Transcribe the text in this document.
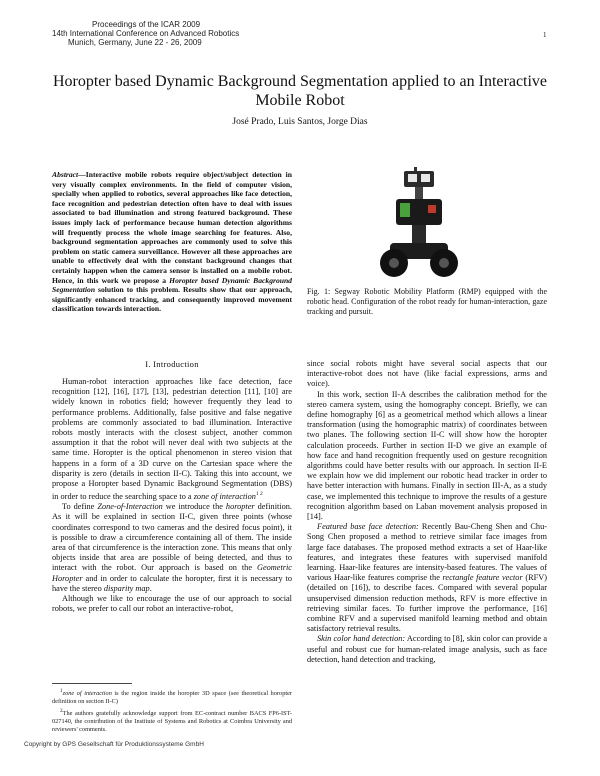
Proceedings of the ICAR 2009
14th International Conference on Advanced Robotics
Munich, Germany, June 22 - 26, 2009
1
Horopter based Dynamic Background Segmentation applied to an Interactive
Mobile Robot
José Prado, Luis Santos, Jorge Dias
Abstract—Interactive mobile robots require object/subject detection in very visually complex environments. In the field of computer vision, specially when applied to robotics, several approaches like face detection, face recognition and pedestrian detection often have to deal with issues associated to bad illumination and strong featured background. These issues imply lack of performance because human detection algorithms will frequently process the whole image searching for features. Also, background segmentation approaches are commonly used to solve this problem on static camera surveillance. However all these approaches are unable to effectively deal with the constant background changes that certainly happen when the camera sensor is installed on a mobile robot. Hence, in this work we propose a Horopter based Dynamic Background Segmentation solution to this problem. Results show that our approach, significantly enhanced tracking, and consequently improved movement classification towards interaction.
Fig. 1: Segway Robotic Mobility Platform (RMP) equipped with the robotic head. Configuration of the robot ready for human-interaction, gaze tracking and pursuit.
I. Introduction

Human-robot interaction approaches like face detection, face recognition [12], [16], [17], [13], pedestrian detection [11], [10] are widely known in robotics field; however frequently they lead to performance problems. Additionally, false positive and false negative problems are commonly associated to bad illumination. Interactive robots mostly interacts with the closest subject, another common assumption it that the robot will never deal with two subjects at the same time. Horopter is the optical phenomenon in stereo vision that happens in a form of a 3D curve on the Cartesian space where the disparity is zero (details in section II-C). Taking this into account, we propose a Horopter based Dynamic Background Segmentation (DBS) in order to reduce the searching space to a zone of interaction$^{1 2}$

To define Zone-of-Interaction we introduce the horopter definition. As it will be explained in section II-C, given three points (whose coordinates correspond to two cameras and the desired focus point), it is possible to draw a circumference containing all of them. The inside area of that circumference is the interaction zone. This means that only objects inside that area are possible of being detected, and thus to interact with the robot. Our approach is based on the Geometric Horopter and in order to calculate the horopter, first it is necessary to have the stereo disparity map.

Although we like to encourage the use of our approach to social robots, we prefer to call our robot an interactive-robot,

$^1$zone of interaction is the region inside the horopter 3D space (see theoretical horopter definition on section II-C)

$^2$The authors gratefully acknowledge support from EC-contract number BACS FP6-IST-027140, the contribution of the Institute of Systems and Robotics at Coimbra University and reviewers' comments.

since social robots might have several social aspects that our interactive-robot does not have (like facial expressions, arms and voice).

In this work, section II-A describes the calibration method for the stereo camera system, using the homography concept. Briefly, we can define homography [6] as a geometrical method which allows a linear transformation (using the homographic matrix) of coordinates between two planes. The following section II-C will show how the horopter calculation proceeds. Further in section II-D we give an example of how face and hand recognition frequently used on gesture recognition algorithms could have better results with our approach. In section II-E we explain how we did implement our robotic head tracker in order to have better interaction with humans. Finally in section III-A, as a study case, we implemented this technique to improve the results of a gesture recognition algorithm based on Laban movement analysis proposed in [14].

Featured base face detection: Recently Bau-Cheng Shen and Chu-Song Chen proposed a method to retrieve similar face images from large face databases. The proposed method extracts a set of Haar-like features, and integrates these features with supervised manifold learning. Haar-like features are intensity-based features. The values of various Haar-like features comprise the rectangle feature vector (RFV) (detailed on [16]), to describe faces. Compared with several popular unsupervised dimension reduction methods, RFV is more effective in retrieving similar faces. To further improve the performance, [16] combine RFV and a supervised manifold learning method and obtain satisfactory retrieval results.

Skin color hand detection: According to [8], skin color can provide a useful and robust cue for human-related image analysis, such as face detection, hand detection and tracking,

Copyright by GPS Gesellschaft für Produktionssysteme GmbH
